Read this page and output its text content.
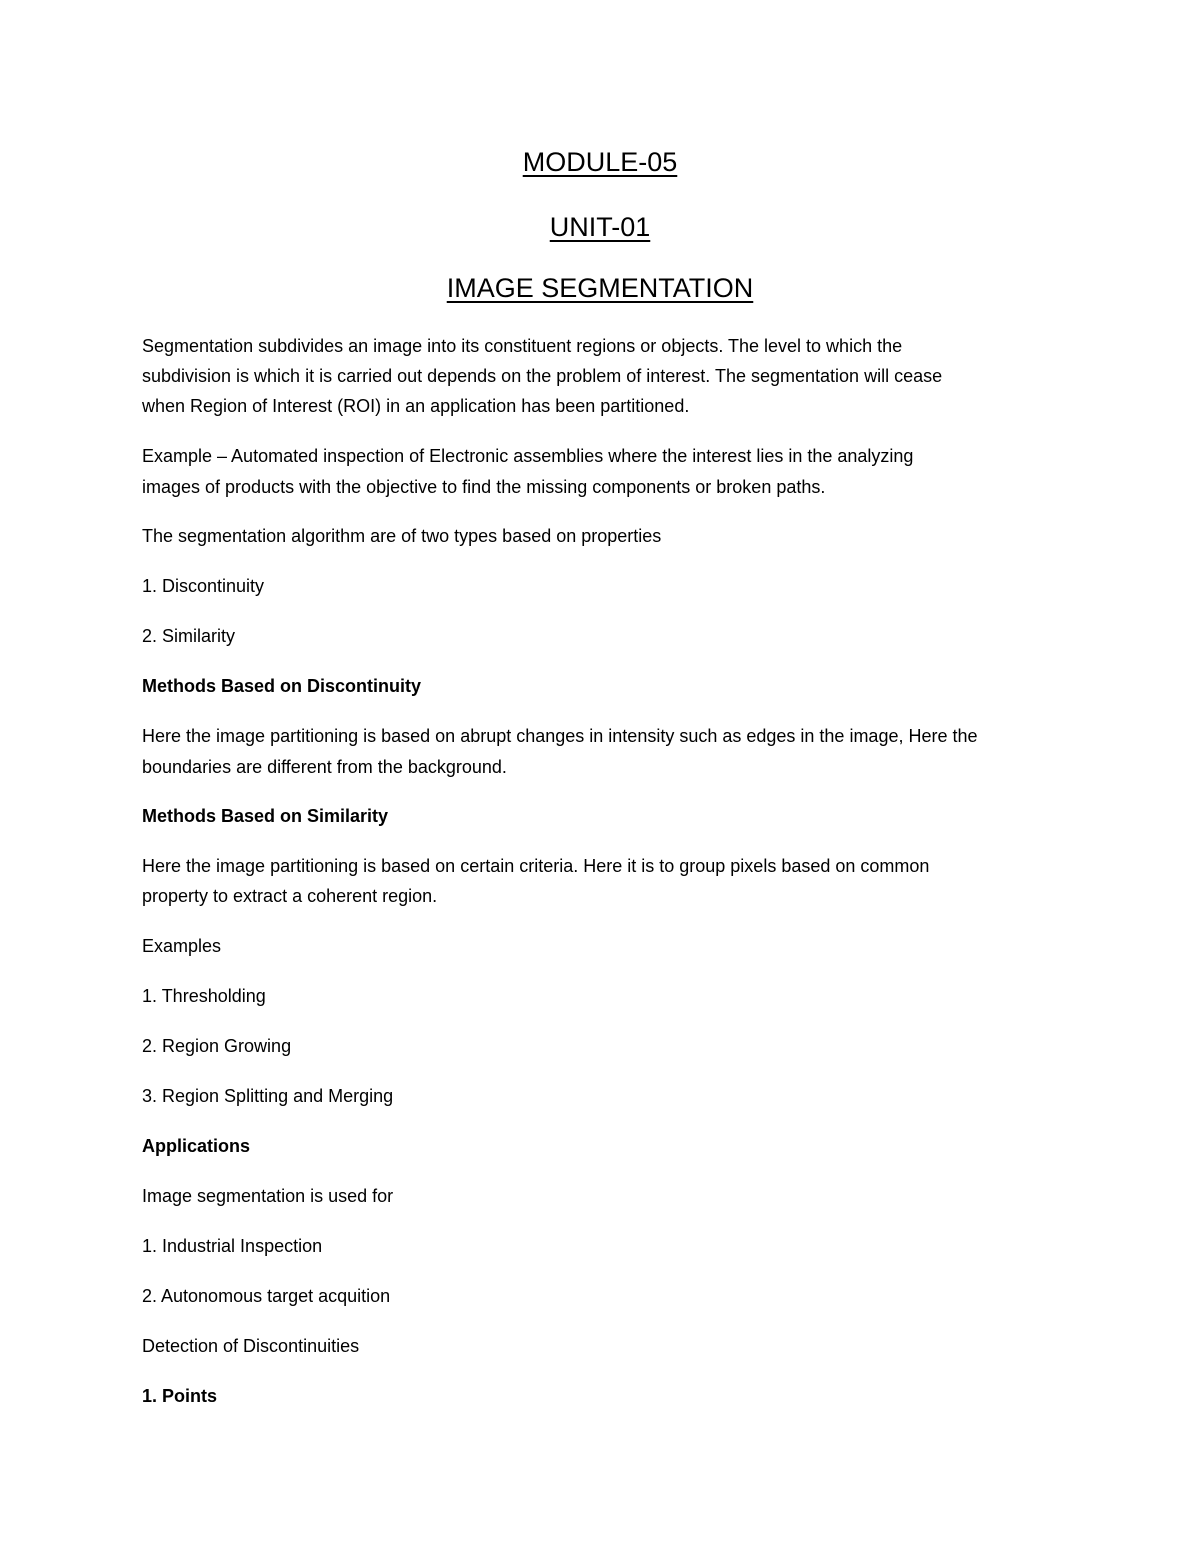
MODULE-05
UNIT-01
IMAGE SEGMENTATION
Segmentation subdivides an image into its constituent regions or objects. The level to which the
subdivision is which it is carried out depends on the problem of interest. The segmentation will cease
when Region of Interest (ROI) in an application has been partitioned.
Example – Automated inspection of Electronic assemblies where the interest lies in the analyzing
images of products with the objective to find the missing components or broken paths.
The segmentation algorithm are of two types based on properties
1. Discontinuity
2. Similarity
Methods Based on Discontinuity
Here the image partitioning is based on abrupt changes in intensity such as edges in the image, Here the
boundaries are different from the background.
Methods Based on Similarity
Here the image partitioning is based on certain criteria. Here it is to group pixels based on common
property to extract a coherent region.
Examples
1. Thresholding
2. Region Growing
3. Region Splitting and Merging
Applications
Image segmentation is used for
1. Industrial Inspection
2. Autonomous target acquition
Detection of Discontinuities
1. Points
